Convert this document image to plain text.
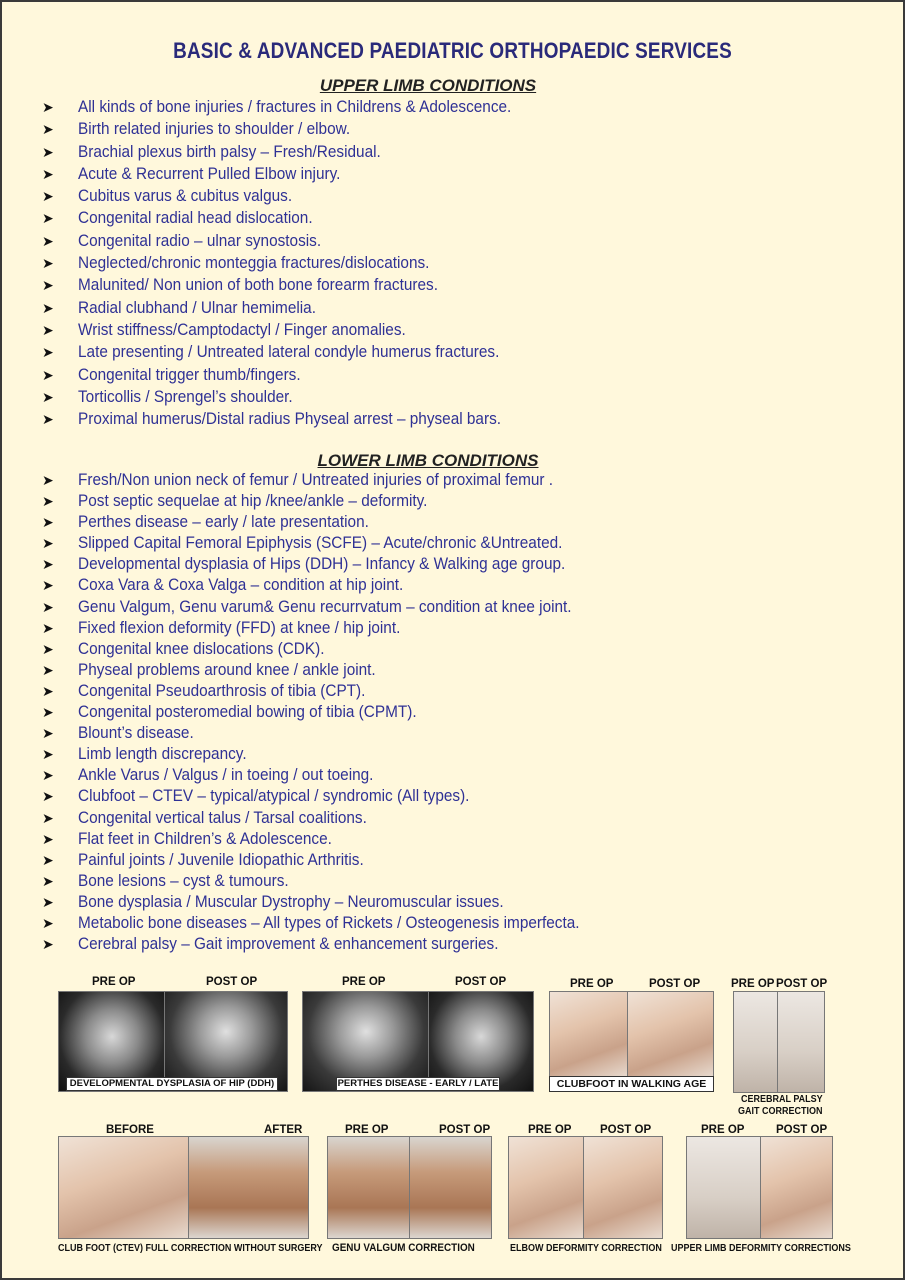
BASIC & ADVANCED PAEDIATRIC ORTHOPAEDIC SERVICES
UPPER LIMB CONDITIONS
➤	All kinds of bone injuries / fractures in Childrens & Adolescence.
➤	Birth related injuries to shoulder / elbow.
➤	Brachial plexus birth palsy – Fresh/Residual.
➤	Acute & Recurrent Pulled Elbow injury.
➤	Cubitus varus & cubitus valgus.
➤	Congenital radial head dislocation.
➤	Congenital radio – ulnar synostosis.
➤	Neglected/chronic monteggia fractures/dislocations.
➤	Malunited/ Non union of both bone forearm fractures.
➤	Radial clubhand / Ulnar hemimelia.
➤	Wrist stiffness/Camptodactyl / Finger anomalies.
➤	Late presenting / Untreated lateral condyle humerus fractures.
➤	Congenital trigger thumb/fingers.
➤	Torticollis / Sprengel’s shoulder.
➤	Proximal humerus/Distal radius Physeal arrest – physeal bars.
LOWER LIMB CONDITIONS
➤	Fresh/Non union neck of femur / Untreated injuries of proximal femur .
➤	Post septic sequelae at hip /knee/ankle – deformity.
➤	Perthes disease – early / late presentation.
➤	Slipped Capital Femoral Epiphysis (SCFE) – Acute/chronic &Untreated.
➤	Developmental dysplasia of Hips (DDH) – Infancy & Walking age group.
➤	Coxa Vara & Coxa Valga – condition at hip joint.
➤	Genu Valgum, Genu varum& Genu recurrvatum – condition at knee joint.
➤	Fixed flexion deformity (FFD) at knee / hip joint.
➤	Congenital knee dislocations (CDK).
➤	Physeal problems around knee / ankle joint.
➤	Congenital Pseudoarthrosis of tibia (CPT).
➤	Congenital posteromedial bowing of tibia (CPMT).
➤	Blount’s disease.
➤	Limb length discrepancy.
➤	Ankle Varus / Valgus / in toeing / out toeing.
➤	Clubfoot – CTEV – typical/atypical / syndromic (All types).
➤	Congenital vertical talus / Tarsal coalitions.
➤	Flat feet in Children’s & Adolescence.
➤	Painful joints / Juvenile Idiopathic Arthritis.
➤	Bone lesions – cyst & tumours.
➤	Bone dysplasia / Muscular Dystrophy – Neuromuscular issues.
➤	Metabolic bone diseases – All types of Rickets / Osteogenesis imperfecta.
➤	Cerebral palsy – Gait improvement & enhancement surgeries.
PRE OP	POST OP
DEVELOPMENTAL DYSPLASIA OF HIP (DDH)
PRE OP	POST OP
PERTHES DISEASE - EARLY / LATE
PRE OP	POST OP
CLUBFOOT IN WALKING AGE
PRE OP POST OP
CEREBRAL PALSY
GAIT CORRECTION
BEFORE	AFTER
CLUB FOOT (CTEV) FULL CORRECTION WITHOUT SURGERY
PRE OP	POST OP
GENU VALGUM CORRECTION
PRE OP POST OP
ELBOW DEFORMITY CORRECTION
PRE OP	POST OP
UPPER LIMB DEFORMITY CORRECTIONS
